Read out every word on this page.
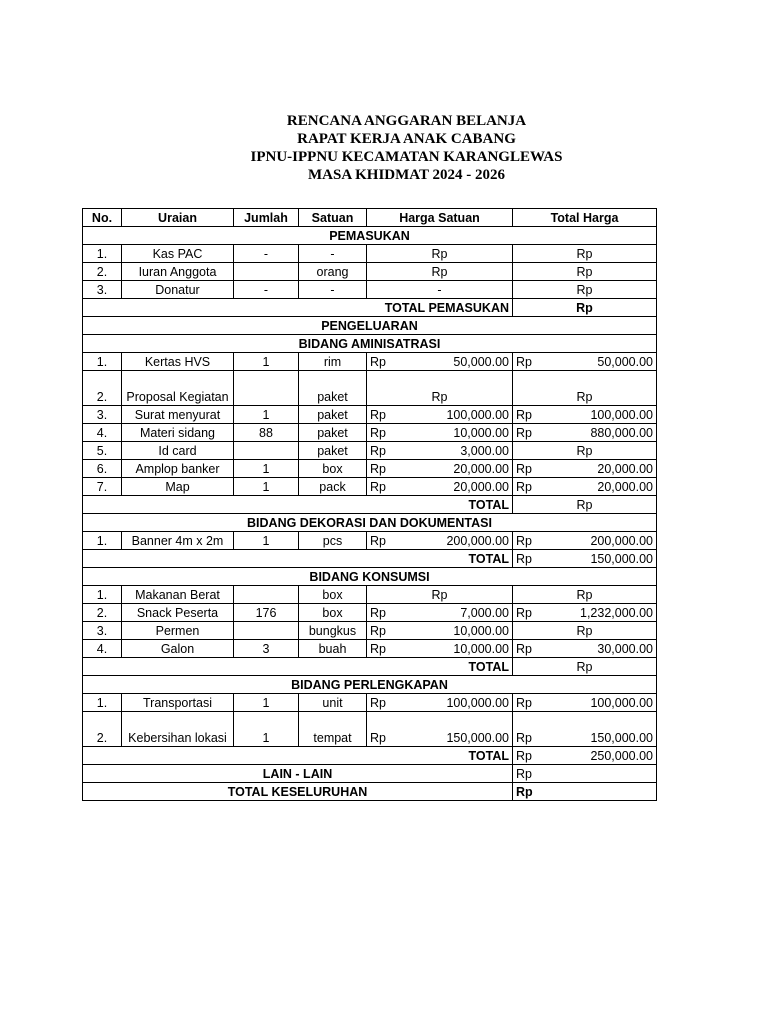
RENCANA ANGGARAN BELANJA
RAPAT KERJA ANAK CABANG
IPNU-IPPNU KECAMATAN KARANGLEWAS
MASA KHIDMAT 2024 - 2026
No.	Uraian	Jumlah	Satuan	Harga Satuan	Total Harga
PEMASUKAN					
1.	Kas PAC	-	-	Rp	Rp
2.	Iuran Anggota		orang	Rp	Rp
3.	Donatur	-	-	-	Rp
TOTAL PEMASUKAN					Rp
PENGELUARAN					
BIDANG AMINISATRASI					
1.	Kertas HVS	1	rim	Rp 50,000.00	Rp 50,000.00

2.	Proposal Kegiatan		paket	Rp	Rp
3.	Surat menyurat	1	paket	Rp 100,000.00	Rp 100,000.00

4.	Materi sidang	88	paket	Rp 10,000.00	Rp 880,000.00

5.	Id card		paket	Rp 3,000.00	Rp
6.	Amplop banker	1	box	Rp 20,000.00	Rp 20,000.00

7.	Map	1	pack	Rp 20,000.00	Rp 20,000.00

TOTAL					Rp
BIDANG DEKORASI DAN DOKUMENTASI					
1.	Banner 4m x 2m	1	pcs	Rp 200,000.00	Rp 200,000.00

TOTAL					Rp 150,000.00

BIDANG KONSUMSI					
1.	Makanan Berat		box	Rp	Rp
2.	Snack Peserta	176	box	Rp 7,000.00	Rp 1,232,000.00

3.	Permen		bungkus	Rp 10,000.00	Rp
4.	Galon	3	buah	Rp 10,000.00	Rp 30,000.00

TOTAL					Rp
BIDANG PERLENGKAPAN					
1.	Transportasi	1	unit	Rp 100,000.00	Rp 100,000.00

2.	Kebersihan lokasi	1	tempat	Rp 150,000.00	Rp 150,000.00

TOTAL					Rp 250,000.00

LAIN - LAIN					Rp
TOTAL KESELURUHAN					Rp
